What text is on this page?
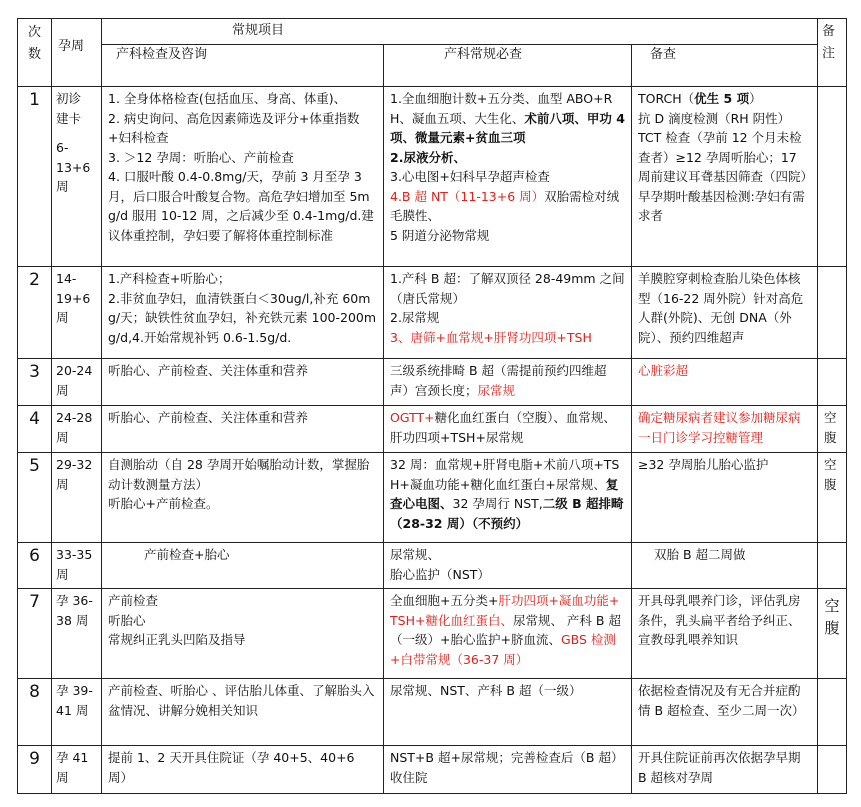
次数	孕周	常规项目			备注
		产科检查及咨询	产科常规必查	备查	
1	初诊
建卡
6-
13+6
周	1. 全身体格检查(包括血压、身高、体重)、
2. 病史询问、高危因素筛选及评分+体重指数+妇科检查
3. ＞12 孕周：听胎心、产前检查
4. 口服叶酸 0.4-0.8mg/天，孕前 3 月至孕 3 月，后口服合叶酸复合物。高危孕妇增加至 5mg/d 服用 10-12 周，之后减少至 0.4-1mg/d.建议体重控制，孕妇要了解将体重控制标准	1.全血细胞计数+五分类、血型 ABO+RH、凝血五项、大生化、术前八项、甲功 4 项、微量元素+贫血三项
2.尿液分析、
3.心电图+妇科早孕超声检查
4.B 超 NT（11-13+6 周）双胎需检对绒毛膜性、
5 阴道分泌物常规	TORCH（优生 5 项）
抗 D 滴度检测（RH 阴性）
TCT 检查（孕前 12 个月未检查者）≥12 孕周听胎心；17 周前建议耳聋基因筛查（四院）
早孕期叶酸基因检测:孕妇有需求者	

2	14-
19+6
周	1.产科检查+听胎心；
2.非贫血孕妇，血清铁蛋白＜30ug/l,补充 60mg/天；缺铁性贫血孕妇，补充铁元素 100-200mg/d,4.开始常规补钙 0.6-1.5g/d.	1.产科 B 超：了解双顶径 28-49mm 之间（唐氏常规）
2.尿常规
3、唐筛+血常规+肝肾功四项+TSH	羊膜腔穿刺检查胎儿染色体核型（16-22 周外院）针对高危人群(外院)、无创 DNA（外院）、预约四维超声	
3	20-24
周	听胎心、产前检查、关注体重和营养	三级系统排畸 B 超（需提前预约四维超声）宫颈长度；尿常规	心脏彩超	
4	24-28
周	听胎心、产前检查、关注体重和营养	OGTT+糖化血红蛋白（空腹）、血常规、肝功四项+TSH+尿常规	确定糖尿病者建议参加糖尿病一日门诊学习控糖管理	空腹
5	29-32
周	自测胎动（自 28 孕周开始嘱胎动计数，掌握胎动计数测量方法）
听胎心+产前检查。	32 周：血常规+肝肾电脂+术前八项+TSH+凝血功能+糖化血红蛋白+尿常规、复查心电图、32 孕周行 NST,二级 B 超排畸（28-32 周）（不预约）	≥32 孕周胎儿胎心监护	空腹
6	33-35
周	产前检查+胎心	尿常规、
胎心监护（NST）	双胎 B 超二周做	
7	孕 36-
38 周	产前检查
听胎心
常规纠正乳头凹陷及指导	全血细胞+五分类+肝功四项+凝血功能+TSH+糖化血红蛋白、尿常规、 产科 B 超（一级）+胎心监护+脐血流、GBS 检测+白带常规（36-37 周）	开具母乳喂养门诊，评估乳房条件，乳头扁平者给予纠正、宣教母乳喂养知识	空腹
8	孕 39-
41 周	产前检查、听胎心 、评估胎儿体重、了解胎头入盆情况、讲解分娩相关知识	尿常规、NST、产科 B 超（一级）	依据检查情况及有无合并症酌情 B 超检查、至少二周一次）	
9	孕 41
周	提前 1、2 天开具住院证（孕 40+5、40+6 周）	NST+B 超+尿常规；完善检查后（B 超）收住院	开具住院证前再次依据孕早期 B 超核对孕周	
